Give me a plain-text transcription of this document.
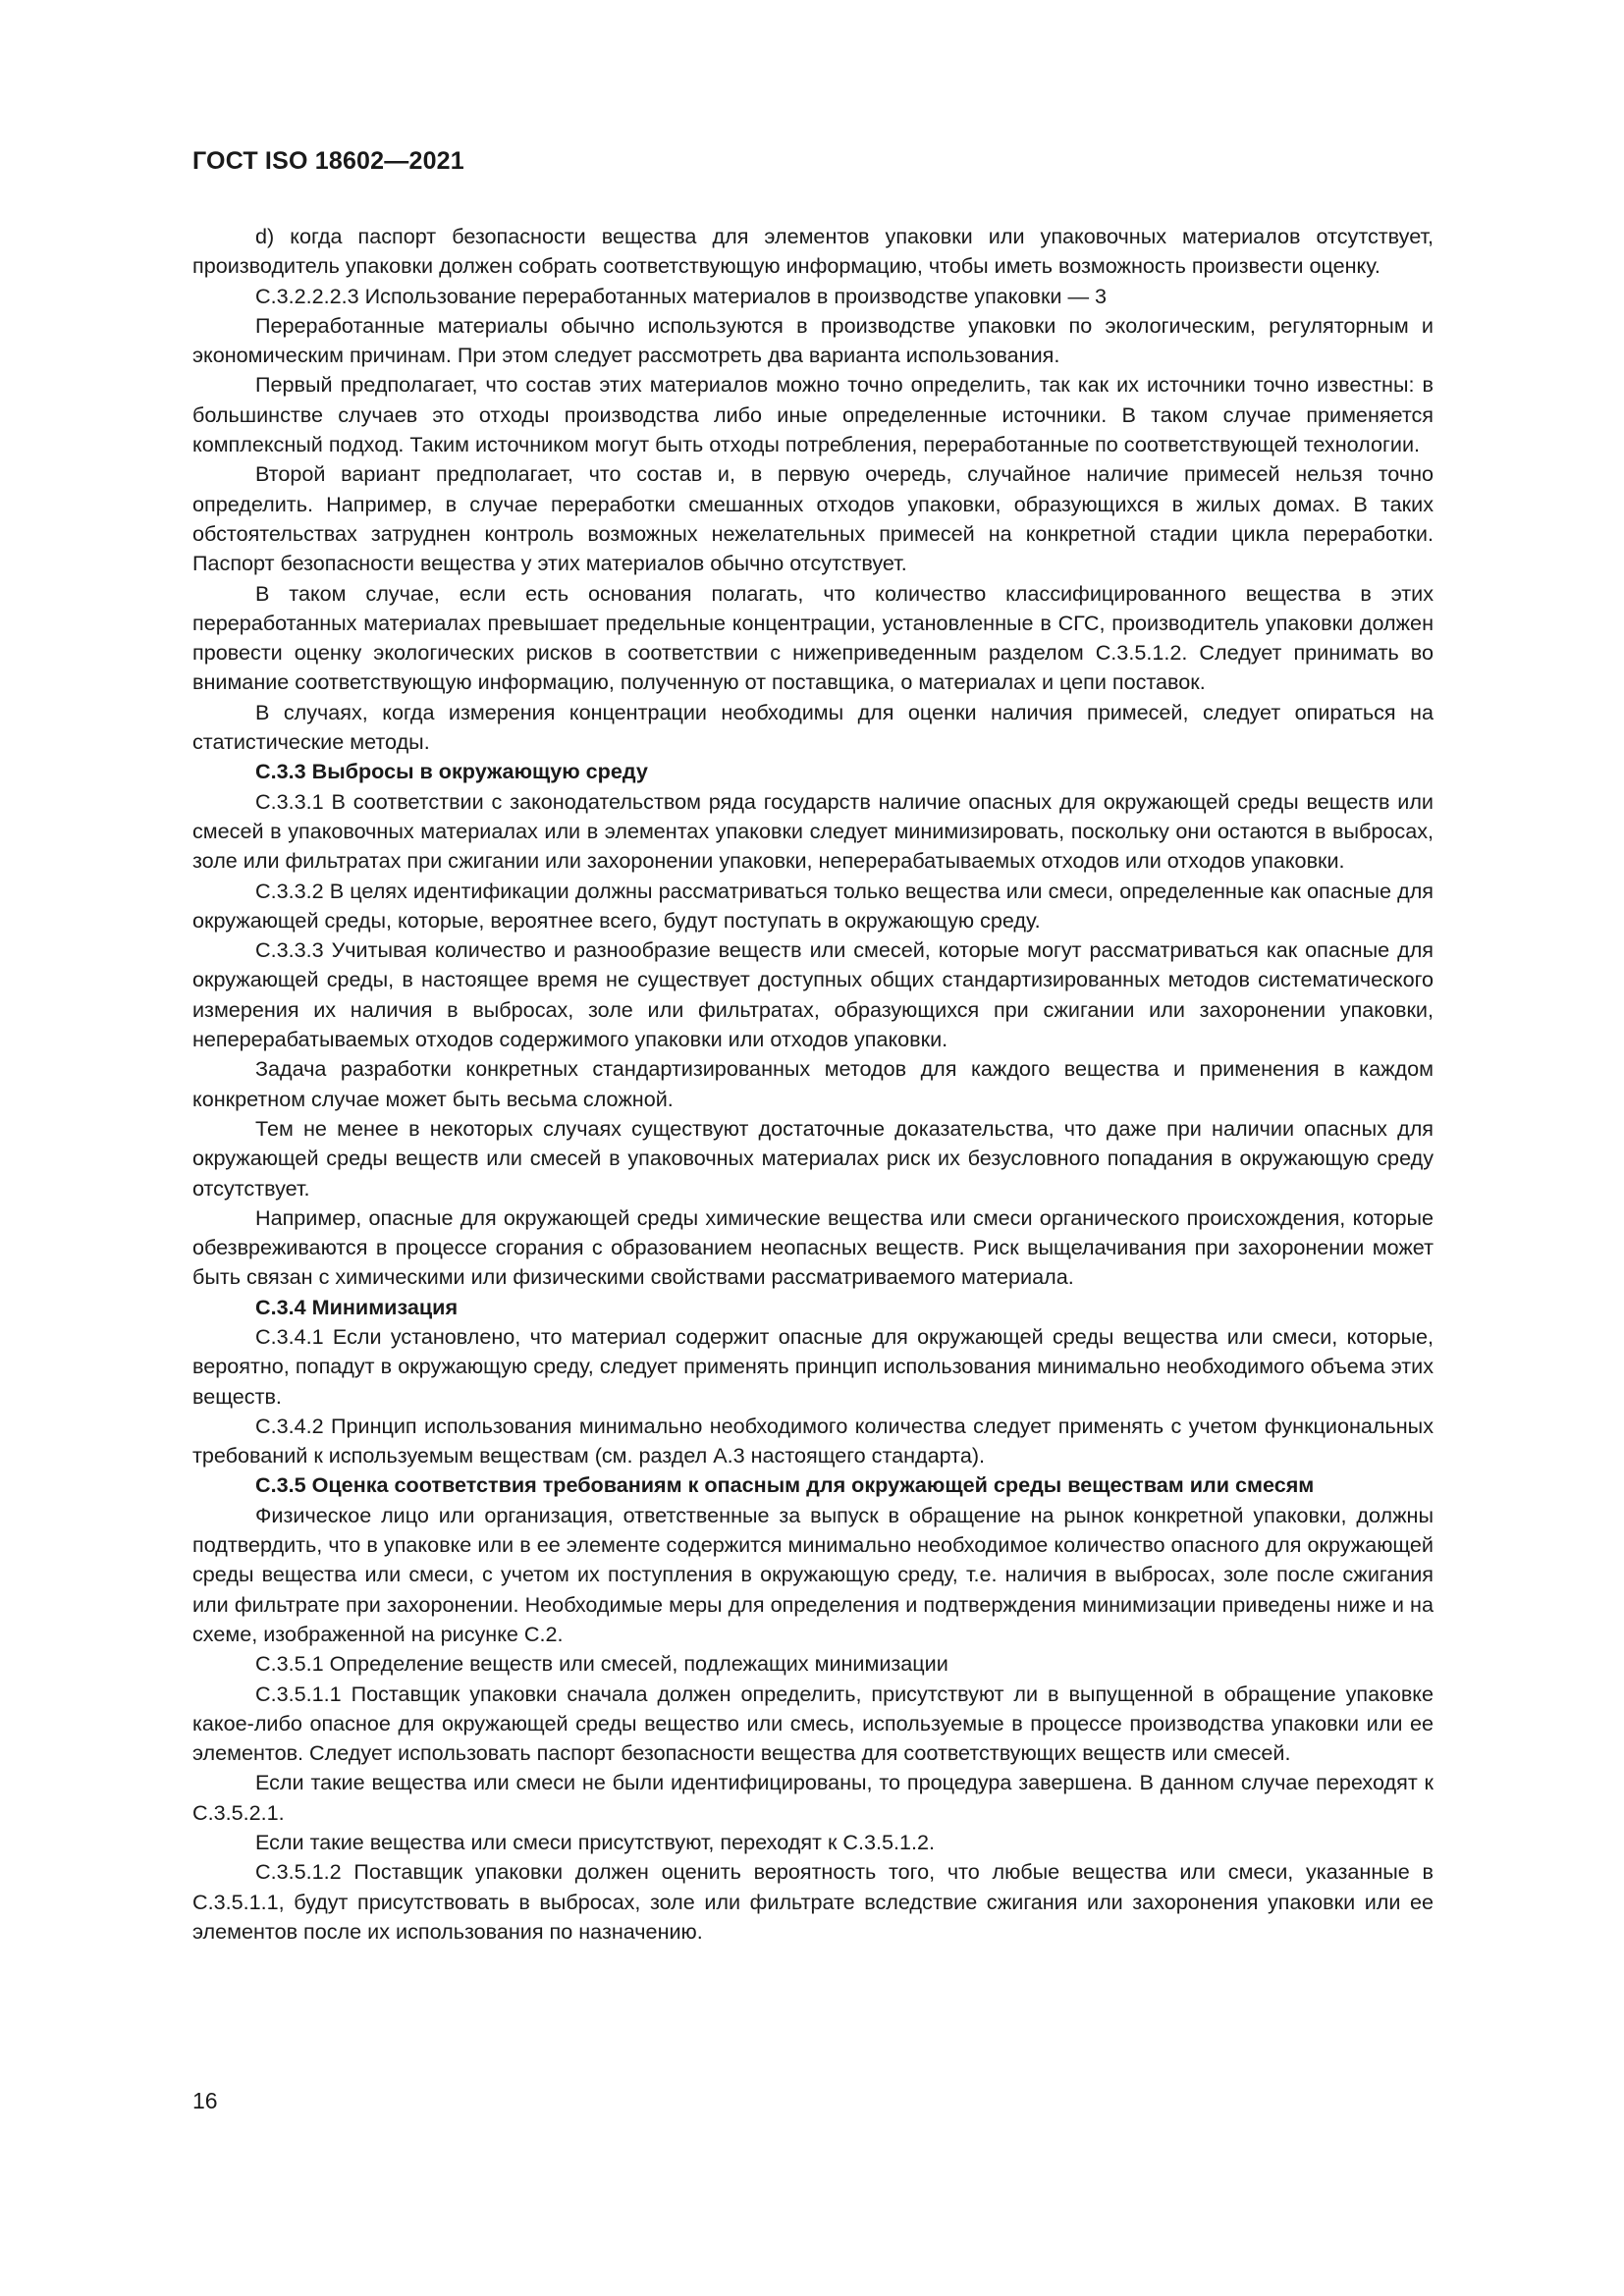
ГОСТ ISO 18602—2021

d) когда паспорт безопасности вещества для элементов упаковки или упаковочных материалов отсутствует, производитель упаковки должен собрать соответствующую информацию, чтобы иметь возможность произвести оценку.

С.3.2.2.2.3 Использование переработанных материалов в производстве упаковки — 3

Переработанные материалы обычно используются в производстве упаковки по экологическим, регуляторным и экономическим причинам. При этом следует рассмотреть два варианта использования.

Первый предполагает, что состав этих материалов можно точно определить, так как их источники точно известны: в большинстве случаев это отходы производства либо иные определенные источники. В таком случае применяется комплексный подход. Таким источником могут быть отходы потребления, переработанные по соответствующей технологии.

Второй вариант предполагает, что состав и, в первую очередь, случайное наличие примесей нельзя точно определить. Например, в случае переработки смешанных отходов упаковки, образующихся в жилых домах. В таких обстоятельствах затруднен контроль возможных нежелательных примесей на конкретной стадии цикла переработки. Паспорт безопасности вещества у этих материалов обычно отсутствует.

В таком случае, если есть основания полагать, что количество классифицированного вещества в этих переработанных материалах превышает предельные концентрации, установленные в СГС, производитель упаковки должен провести оценку экологических рисков в соответствии с нижеприведенным разделом С.3.5.1.2. Следует принимать во внимание соответствующую информацию, полученную от поставщика, о материалах и цепи поставок.

В случаях, когда измерения концентрации необходимы для оценки наличия примесей, следует опираться на статистические методы.

С.3.3 Выбросы в окружающую среду

С.3.3.1 В соответствии с законодательством ряда государств наличие опасных для окружающей среды веществ или смесей в упаковочных материалах или в элементах упаковки следует минимизировать, поскольку они остаются в выбросах, золе или фильтратах при сжигании или захоронении упаковки, неперерабатываемых отходов или отходов упаковки.

С.3.3.2 В целях идентификации должны рассматриваться только вещества или смеси, определенные как опасные для окружающей среды, которые, вероятнее всего, будут поступать в окружающую среду.

С.3.3.3 Учитывая количество и разнообразие веществ или смесей, которые могут рассматриваться как опасные для окружающей среды, в настоящее время не существует доступных общих стандартизированных методов систематического измерения их наличия в выбросах, золе или фильтратах, образующихся при сжигании или захоронении упаковки, неперерабатываемых отходов содержимого упаковки или отходов упаковки.

Задача разработки конкретных стандартизированных методов для каждого вещества и применения в каждом конкретном случае может быть весьма сложной.

Тем не менее в некоторых случаях существуют достаточные доказательства, что даже при наличии опасных для окружающей среды веществ или смесей в упаковочных материалах риск их безусловного попадания в окружающую среду отсутствует.

Например, опасные для окружающей среды химические вещества или смеси органического происхождения, которые обезвреживаются в процессе сгорания с образованием неопасных веществ. Риск выщелачивания при захоронении может быть связан с химическими или физическими свойствами рассматриваемого материала.

С.3.4 Минимизация

С.3.4.1 Если установлено, что материал содержит опасные для окружающей среды вещества или смеси, которые, вероятно, попадут в окружающую среду, следует применять принцип использования минимально необходимого объема этих веществ.

С.3.4.2 Принцип использования минимально необходимого количества следует применять с учетом функциональных требований к используемым веществам (см. раздел А.3 настоящего стандарта).

С.3.5 Оценка соответствия требованиям к опасным для окружающей среды веществам или смесям

Физическое лицо или организация, ответственные за выпуск в обращение на рынок конкретной упаковки, должны подтвердить, что в упаковке или в ее элементе содержится минимально необходимое количество опасного для окружающей среды вещества или смеси, с учетом их поступления в окружающую среду, т.е. наличия в выбросах, золе после сжигания или фильтрате при захоронении. Необходимые меры для определения и подтверждения минимизации приведены ниже и на схеме, изображенной на рисунке С.2.

С.3.5.1 Определение веществ или смесей, подлежащих минимизации

С.3.5.1.1 Поставщик упаковки сначала должен определить, присутствуют ли в выпущенной в обращение упаковке какое-либо опасное для окружающей среды вещество или смесь, используемые в процессе производства упаковки или ее элементов. Следует использовать паспорт безопасности вещества для соответствующих веществ или смесей.

Если такие вещества или смеси не были идентифицированы, то процедура завершена. В данном случае переходят к С.3.5.2.1.

Если такие вещества или смеси присутствуют, переходят к С.3.5.1.2.

С.3.5.1.2 Поставщик упаковки должен оценить вероятность того, что любые вещества или смеси, указанные в С.3.5.1.1, будут присутствовать в выбросах, золе или фильтрате вследствие сжигания или захоронения упаковки или ее элементов после их использования по назначению.

16
